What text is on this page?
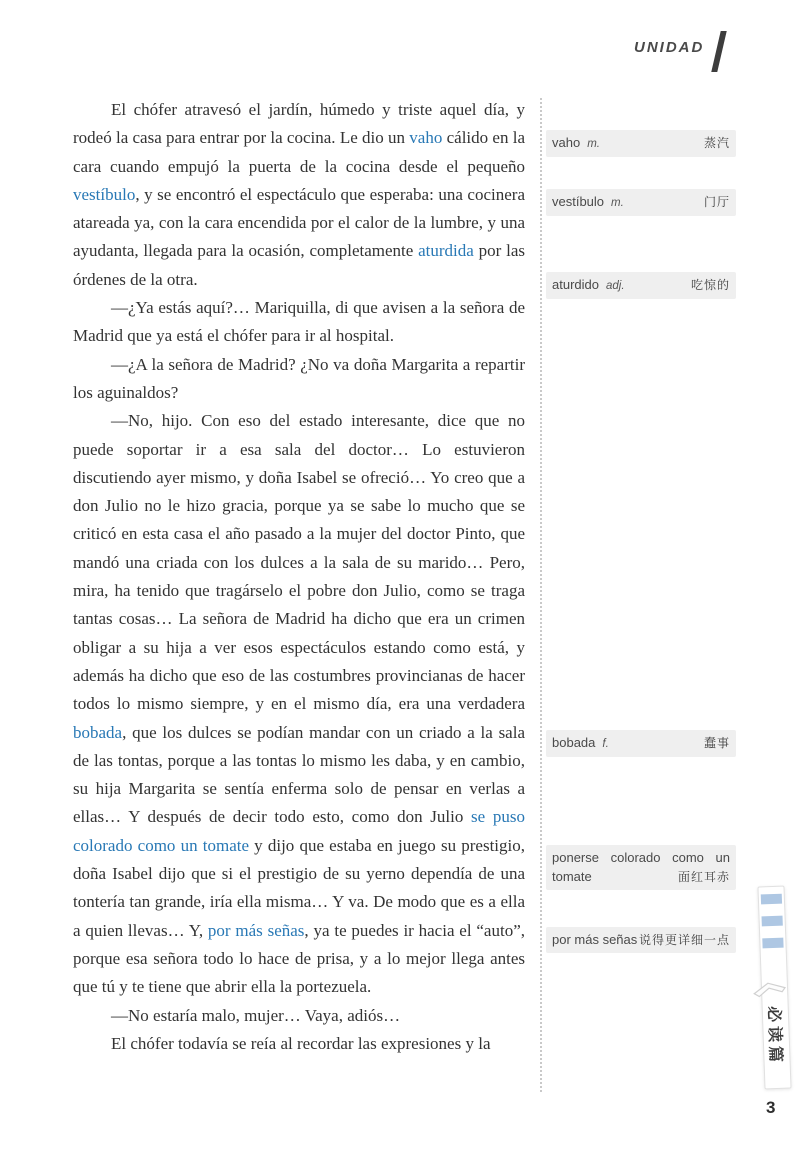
UNIDAD

El chófer atravesó el jardín, húmedo y triste aquel día, y rodeó la casa para entrar por la cocina. Le dio un vaho cálido en la cara cuando empujó la puerta de la cocina desde el pequeño vestíbulo, y se encontró el espectáculo que esperaba: una cocinera atareada ya, con la cara encendida por el calor de la lumbre, y una ayudanta, llegada para la ocasión, completamente aturdida por las órdenes de la otra.

—¿Ya estás aquí?… Mariquilla, di que avisen a la señora de Madrid que ya está el chófer para ir al hospital.

—¿A la señora de Madrid? ¿No va doña Margarita a repartir los aguinaldos?

—No, hijo. Con eso del estado interesante, dice que no puede soportar ir a esa sala del doctor… Lo estuvieron discutiendo ayer mismo, y doña Isabel se ofreció… Yo creo que a don Julio no le hizo gracia, porque ya se sabe lo mucho que se criticó en esta casa el año pasado a la mujer del doctor Pinto, que mandó una criada con los dulces a la sala de su marido… Pero, mira, ha tenido que tragárselo el pobre don Julio, como se traga tantas cosas… La señora de Madrid ha dicho que era un crimen obligar a su hija a ver esos espectáculos estando como está, y además ha dicho que eso de las costumbres provincianas de hacer todos lo mismo siempre, y en el mismo día, era una verdadera bobada, que los dulces se podían mandar con un criado a la sala de las tontas, porque a las tontas lo mismo les daba, y en cambio, su hija Margarita se sentía enferma solo de pensar en verlas a ellas… Y después de decir todo esto, como don Julio se puso colorado como un tomate y dijo que estaba en juego su prestigio, doña Isabel dijo que si el prestigio de su yerno dependía de una tontería tan grande, iría ella misma… Y va. De modo que es a ella a quien llevas… Y, por más señas, ya te puedes ir hacia el “auto”, porque esa señora todo lo hace de prisa, y a lo mejor llega antes que tú y te tiene que abrir ella la portezuela.

—No estaría malo, mujer… Vaya, adiós…

El chófer todavía se reía al recordar las expresiones y la

vaho m.	蒸汽
vestíbulo m.	门厅
aturdido adj.	吃惊的
bobada f.	蠢事
ponerse colorado como un
tomate	面红耳赤
por más señas 说得更详细一点
必读篇
3
